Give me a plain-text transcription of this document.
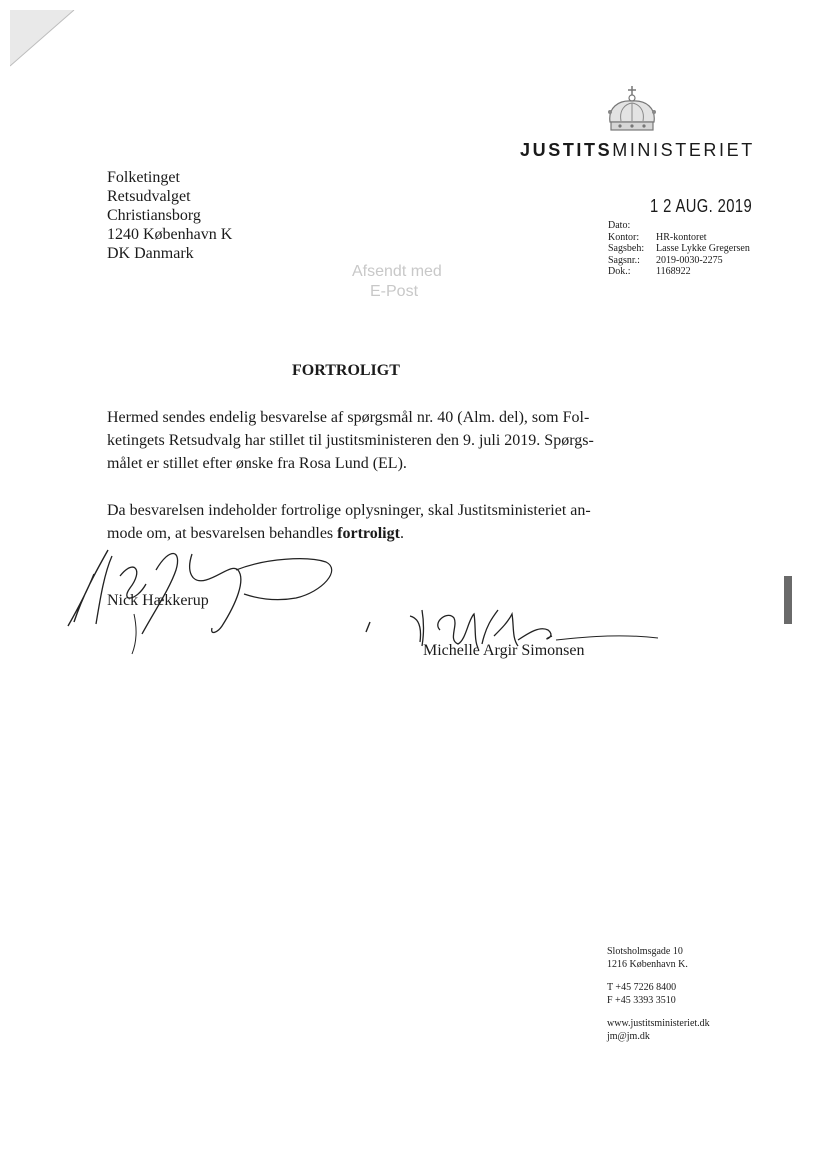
JUSTITSMINISTERIET
Folketinget
Retsudvalget
Christiansborg
1240 København K
DK Danmark
1 2 AUG. 2019
Dato:
Kontor:	HR-kontoret
Sagsbeh:	Lasse Lykke Gregersen
Sagsnr.:	2019-0030-2275
Dok.:	1168922
Afsendt med
E-Post
FORTROLIGT

Hermed sendes endelig besvarelse af spørgsmål nr. 40 (Alm. del), som Fol-
ketingets Retsudvalg har stillet til justitsministeren den 9. juli 2019. Spørgs-
målet er stillet efter ønske fra Rosa Lund (EL).

Da besvarelsen indeholder fortrolige oplysninger, skal Justitsministeriet an-
mode om, at besvarelsen behandles fortroligt.

Nick Hækkerup
Michelle Argir Simonsen
Slotsholmsgade 10
1216 København K.
T +45 7226 8400
F +45 3393 3510
www.justitsministeriet.dk
jm@jm.dk
